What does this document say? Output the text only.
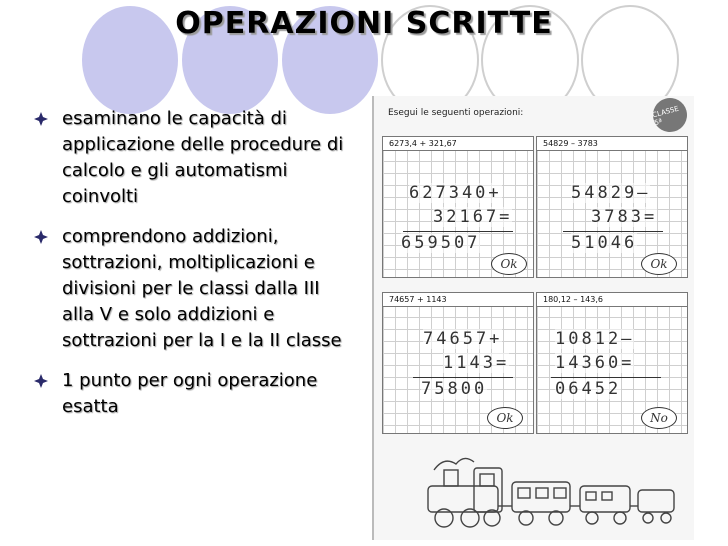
OPERAZIONI SCRITTE
esaminano le capacità di applicazione delle procedure di calcolo e gli automatismi coinvolti
comprendono addizioni, sottrazioni, moltiplicazioni e divisioni per le classi dalla III alla V e solo addizioni e sottrazioni per la I e la II classe
1 punto per ogni operazione esatta
Esegui le seguenti operazioni:	CLASSE 5ª
6273,4 + 321,67
627340+
32167=
659507
Ok
54829 – 3783
54829–
3783=
51046
Ok
74657 + 1143
74657+
1143=
75800
Ok
180,12 – 143,6
10812–
14360=
06452
No
